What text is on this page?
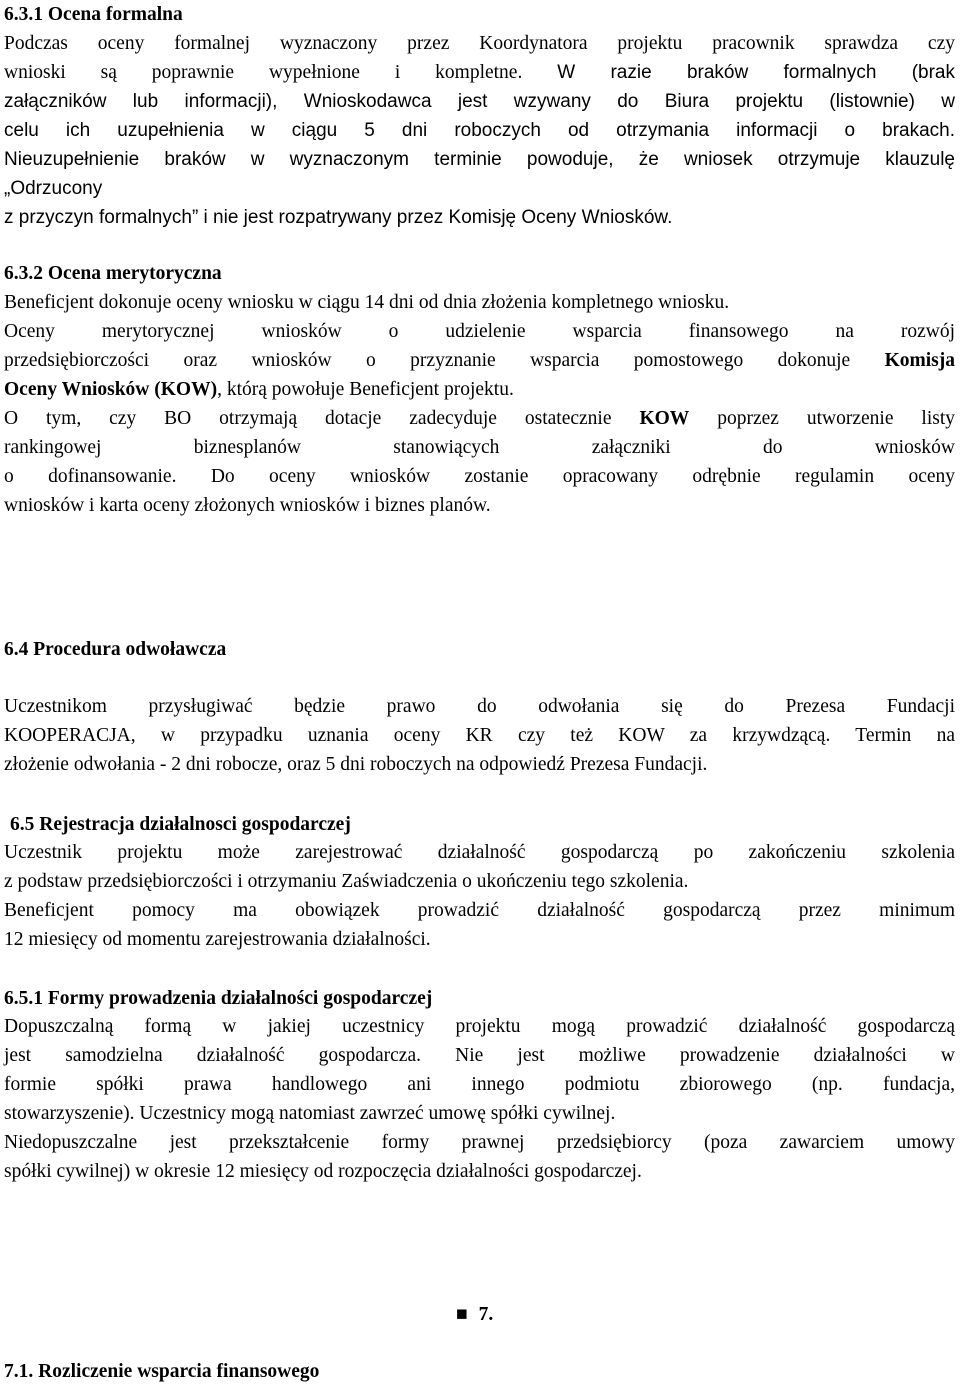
6.3.1 Ocena formalna
Podczas oceny formalnej wyznaczony przez Koordynatora projektu pracownik sprawdza czy
wnioski są poprawnie wypełnione i kompletne. W razie braków formalnych (brak
załączników lub informacji), Wnioskodawca jest wzywany do Biura projektu (listownie) w
celu ich uzupełnienia w ciągu 5 dni roboczych od otrzymania informacji o brakach.
Nieuzupełnienie braków w wyznaczonym terminie powoduje, że wniosek otrzymuje klauzulę
„Odrzucony
z przyczyn formalnych” i nie jest rozpatrywany przez Komisję Oceny Wniosków.
6.3.2 Ocena merytoryczna
Beneficjent dokonuje oceny wniosku w ciągu 14 dni od dnia złożenia kompletnego wniosku.
Oceny merytorycznej wniosków o udzielenie wsparcia finansowego na rozwój
przedsiębiorczości oraz wniosków o przyznanie wsparcia pomostowego dokonuje Komisja
Oceny Wniosków (KOW), którą powołuje Beneficjent projektu.
O tym, czy BO otrzymają dotacje zadecyduje ostatecznie KOW poprzez utworzenie listy
rankingowej biznesplanów stanowiących załączniki do wniosków
o dofinansowanie. Do oceny wniosków zostanie opracowany odrębnie regulamin oceny
wniosków i karta oceny złożonych wniosków i biznes planów.
6.4 Procedura odwoławcza
Uczestnikom przysługiwać będzie prawo do odwołania się do Prezesa Fundacji
KOOPERACJA, w przypadku uznania oceny KR czy też KOW za krzywdzącą. Termin na
złożenie odwołania - 2 dni robocze, oraz 5 dni roboczych na odpowiedź Prezesa Fundacji.
6.5 Rejestracja działalnosci gospodarczej
Uczestnik projektu może zarejestrować działalność gospodarczą po zakończeniu szkolenia
z podstaw przedsiębiorczości i otrzymaniu Zaświadczenia o ukończeniu tego szkolenia.
Beneficjent pomocy ma obowiązek prowadzić działalność gospodarczą przez minimum
12 miesięcy od momentu zarejestrowania działalności.
6.5.1 Formy prowadzenia działalności gospodarczej
Dopuszczalną formą w jakiej uczestnicy projektu mogą prowadzić działalność gospodarczą
jest samodzielna działalność gospodarcza. Nie jest możliwe prowadzenie działalności w
formie spółki prawa handlowego ani innego podmiotu zbiorowego (np. fundacja,
stowarzyszenie). Uczestnicy mogą natomiast zawrzeć umowę spółki cywilnej.
Niedopuszczalne jest przekształcenie formy prawnej przedsiębiorcy (poza zawarciem umowy
spółki cywilnej) w okresie 12 miesięcy od rozpoczęcia działalności gospodarczej.
■ 7.
7.1. Rozliczenie wsparcia finansowego
